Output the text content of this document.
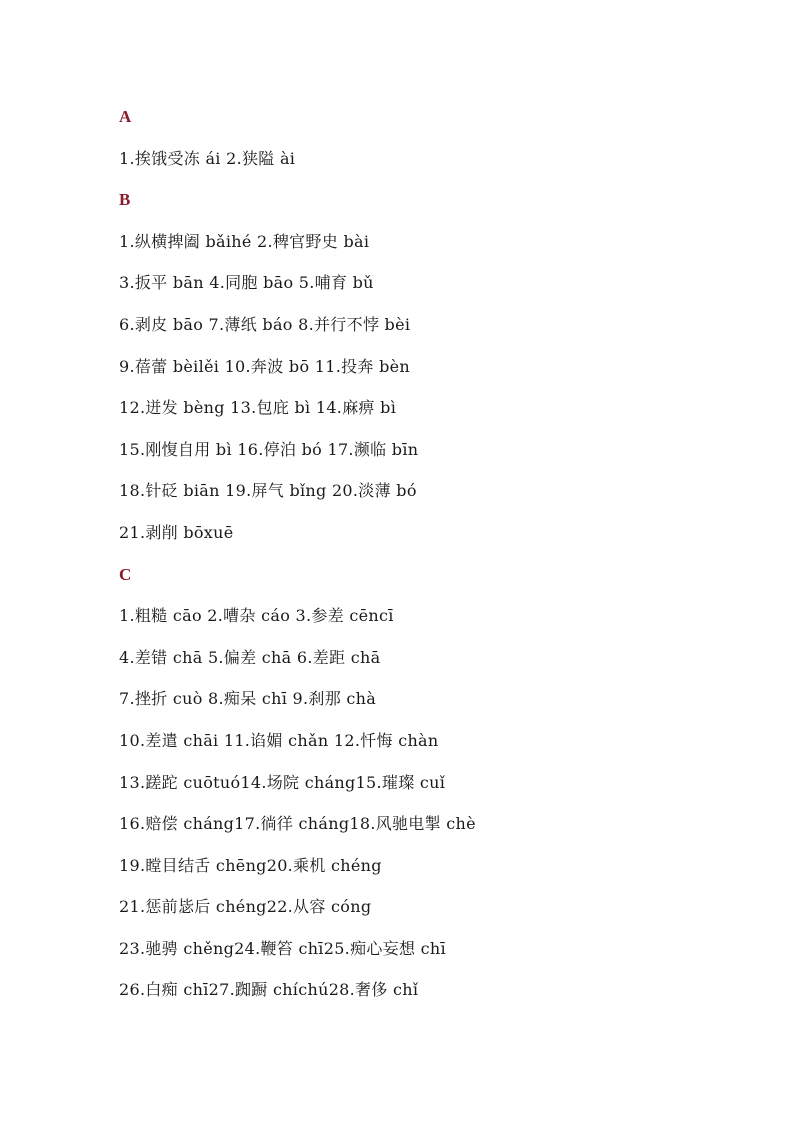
A
1.挨饿受冻 ái 2.狭隘 ài
B
1.纵横捭阖 bǎihé 2.稗官野史 bài
3.扳平 bān 4.同胞 bāo 5.哺育 bǔ
6.剥皮 bāo 7.薄纸 báo 8.并行不悖 bèi
9.蓓蕾 bèilěi 10.奔波 bō 11.投奔 bèn
12.迸发 bèng 13.包庇 bì 14.麻痹 bì
15.刚愎自用 bì 16.停泊 bó 17.濒临 bīn
18.针砭 biān 19.屏气 bǐng 20.淡薄 bó
21.剥削 bōxuē
C
1.粗糙 cāo 2.嘈杂 cáo 3.参差 cēncī
4.差错 chā 5.偏差 chā 6.差距 chā
7.挫折 cuò 8.痴呆 chī 9.刹那 chà
10.差遣 chāi 11.谄媚 chǎn 12.忏悔 chàn
13.蹉跎 cuōtuó14.场院 cháng15.璀璨 cuǐ
16.赔偿 cháng17.徜徉 cháng18.风驰电掣 chè
19.瞠目结舌 chēng20.乘机 chéng
21.惩前毖后 chéng22.从容 cóng
23.驰骋 chěng24.鞭笞 chī25.痴心妄想 chī
26.白痴 chī27.踟蹰 chíchú28.奢侈 chǐ
